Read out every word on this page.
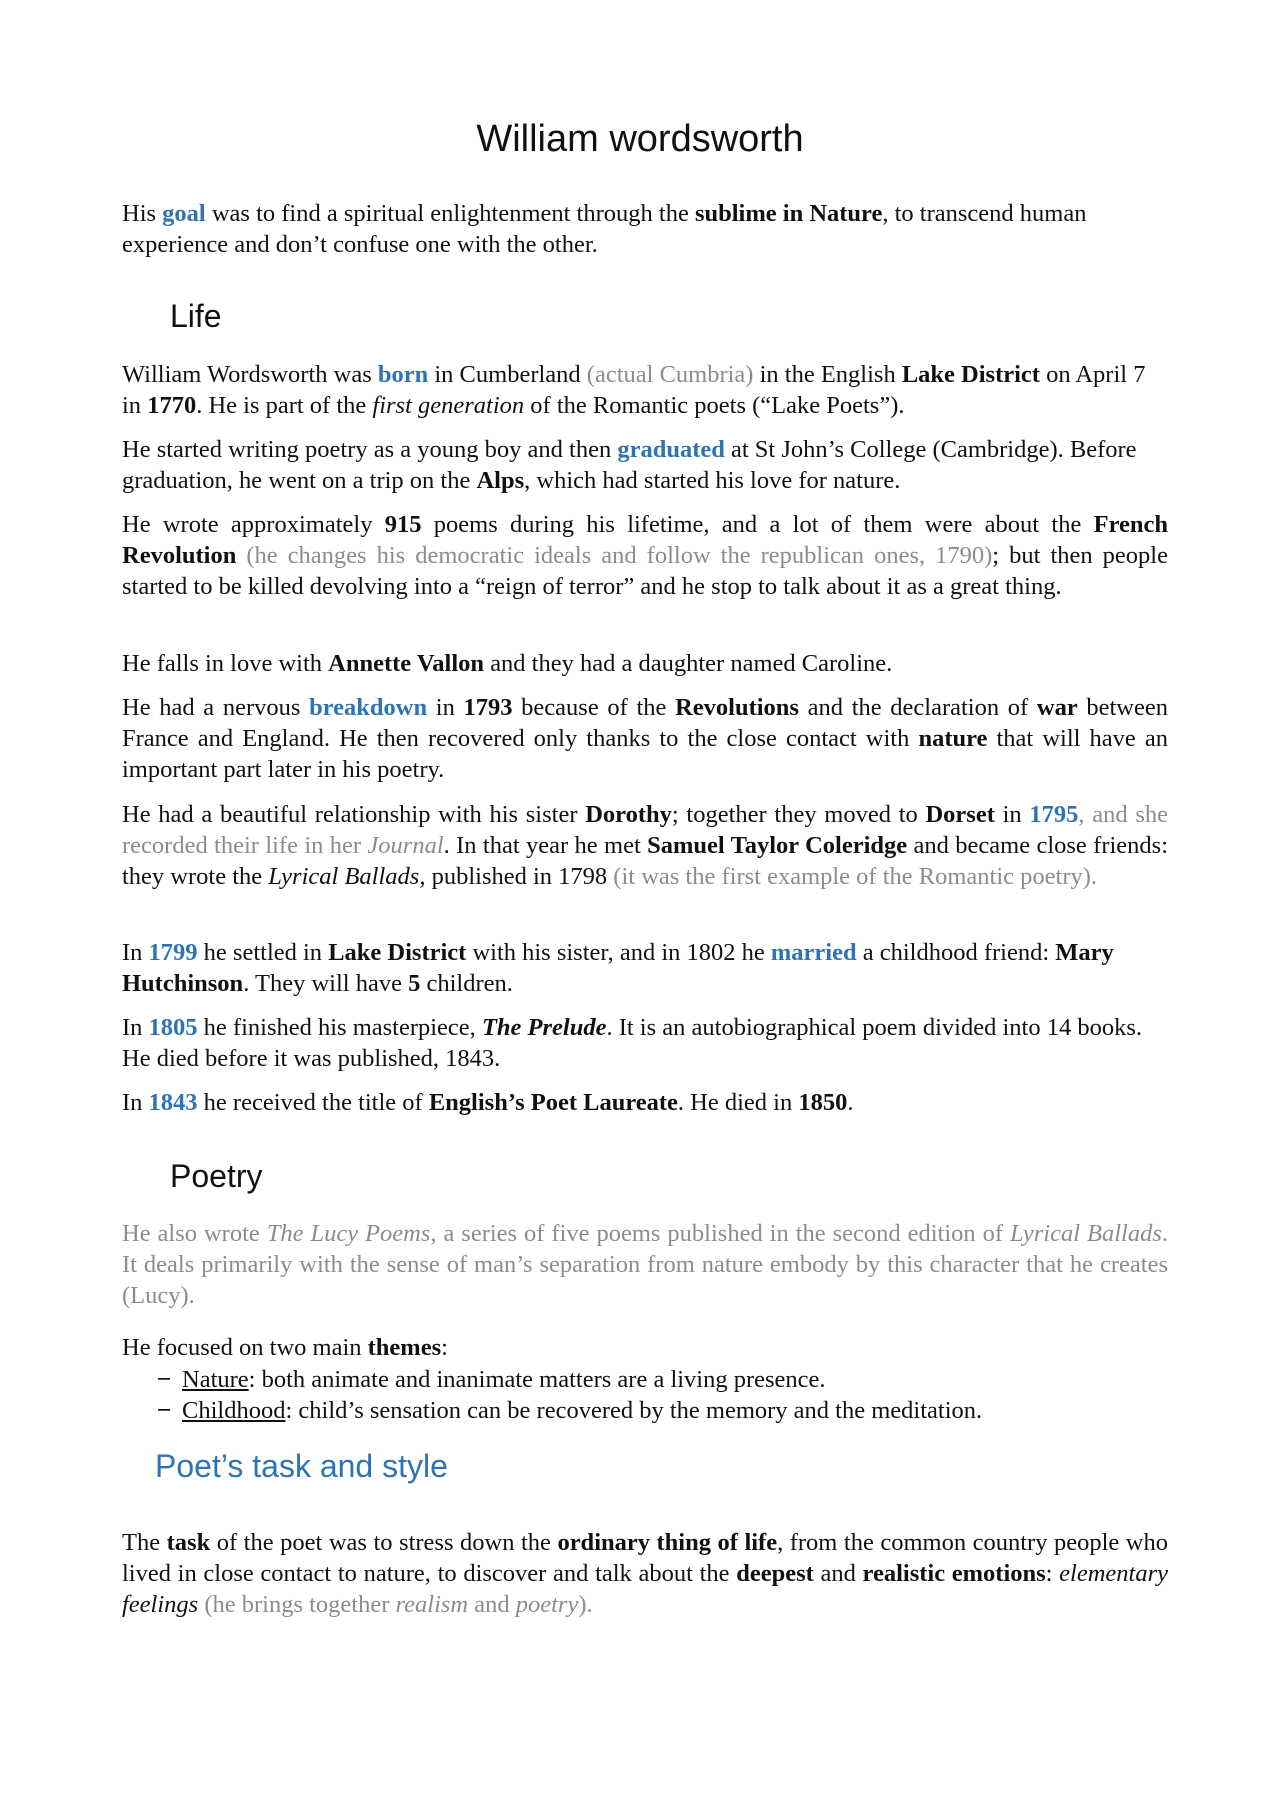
William wordsworth

His goal was to find a spiritual enlightenment through the sublime in Nature, to transcend human experience and don’t confuse one with the other.

Life

William Wordsworth was born in Cumberland (actual Cumbria) in the English Lake District on April 7 in 1770. He is part of the first generation of the Romantic poets (“Lake Poets”).

He started writing poetry as a young boy and then graduated at St John’s College (Cambridge). Before graduation, he went on a trip on the Alps, which had started his love for nature.

He wrote approximately 915 poems during his lifetime, and a lot of them were about the French Revolution (he changes his democratic ideals and follow the republican ones, 1790); but then people started to be killed devolving into a “reign of terror” and he stop to talk about it as a great thing.

He falls in love with Annette Vallon and they had a daughter named Caroline.

He had a nervous breakdown in 1793 because of the Revolutions and the declaration of war between France and England. He then recovered only thanks to the close contact with nature that will have an important part later in his poetry.

He had a beautiful relationship with his sister Dorothy; together they moved to Dorset in 1795, and she recorded their life in her Journal. In that year he met Samuel Taylor Coleridge and became close friends: they wrote the Lyrical Ballads, published in 1798 (it was the first example of the Romantic poetry).

In 1799 he settled in Lake District with his sister, and in 1802 he married a childhood friend: Mary Hutchinson. They will have 5 children.

In 1805 he finished his masterpiece, The Prelude. It is an autobiographical poem divided into 14 books. He died before it was published, 1843.

In 1843 he received the title of English’s Poet Laureate. He died in 1850.

Poetry

He also wrote The Lucy Poems, a series of five poems published in the second edition of Lyrical Ballads. It deals primarily with the sense of man’s separation from nature embody by this character that he creates (Lucy).

He focused on two main themes:

− Nature: both animate and inanimate matters are a living presence.
− Childhood: child’s sensation can be recovered by the memory and the meditation.
Poet’s task and style

The task of the poet was to stress down the ordinary thing of life, from the common country people who lived in close contact to nature, to discover and talk about the deepest and realistic emotions: elementary feelings (he brings together realism and poetry).
